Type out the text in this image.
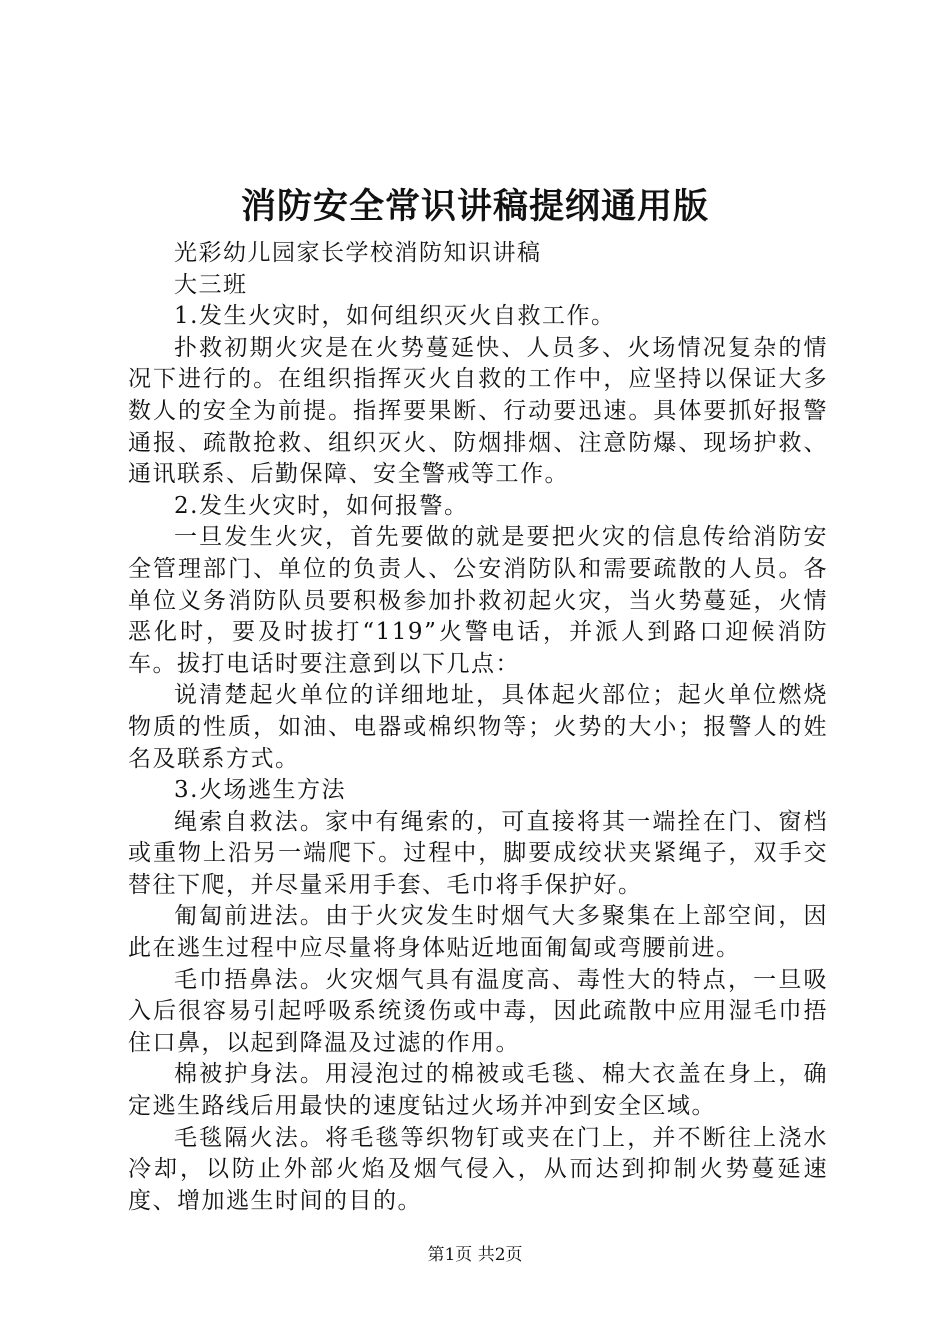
消防安全常识讲稿提纲通用版

光彩幼儿园家长学校消防知识讲稿

大三班

1.发生火灾时，如何组织灭火自救工作。

扑救初期火灾是在火势蔓延快、人员多、火场情况复杂的情况下进行的。在组织指挥灭火自救的工作中，应坚持以保证大多数人的安全为前提。指挥要果断、行动要迅速。具体要抓好报警通报、疏散抢救、组织灭火、防烟排烟、注意防爆、现场护救、通讯联系、后勤保障、安全警戒等工作。

2.发生火灾时，如何报警。

一旦发生火灾，首先要做的就是要把火灾的信息传给消防安全管理部门、单位的负责人、公安消防队和需要疏散的人员。各单位义务消防队员要积极参加扑救初起火灾，当火势蔓延，火情恶化时，要及时拔打“119”火警电话，并派人到路口迎候消防车。拔打电话时要注意到以下几点：

说清楚起火单位的详细地址，具体起火部位；起火单位燃烧物质的性质，如油、电器或棉织物等；火势的大小；报警人的姓名及联系方式。

3.火场逃生方法

绳索自救法。家中有绳索的，可直接将其一端拴在门、窗档或重物上沿另一端爬下。过程中，脚要成绞状夹紧绳子，双手交替往下爬，并尽量采用手套、毛巾将手保护好。

匍匐前进法。由于火灾发生时烟气大多聚集在上部空间，因此在逃生过程中应尽量将身体贴近地面匍匐或弯腰前进。

毛巾捂鼻法。火灾烟气具有温度高、毒性大的特点，一旦吸入后很容易引起呼吸系统烫伤或中毒，因此疏散中应用湿毛巾捂住口鼻，以起到降温及过滤的作用。

棉被护身法。用浸泡过的棉被或毛毯、棉大衣盖在身上，确定逃生路线后用最快的速度钻过火场并冲到安全区域。

毛毯隔火法。将毛毯等织物钉或夹在门上，并不断往上浇水冷却，以防止外部火焰及烟气侵入，从而达到抑制火势蔓延速度、增加逃生时间的目的。

第1页 共2页
